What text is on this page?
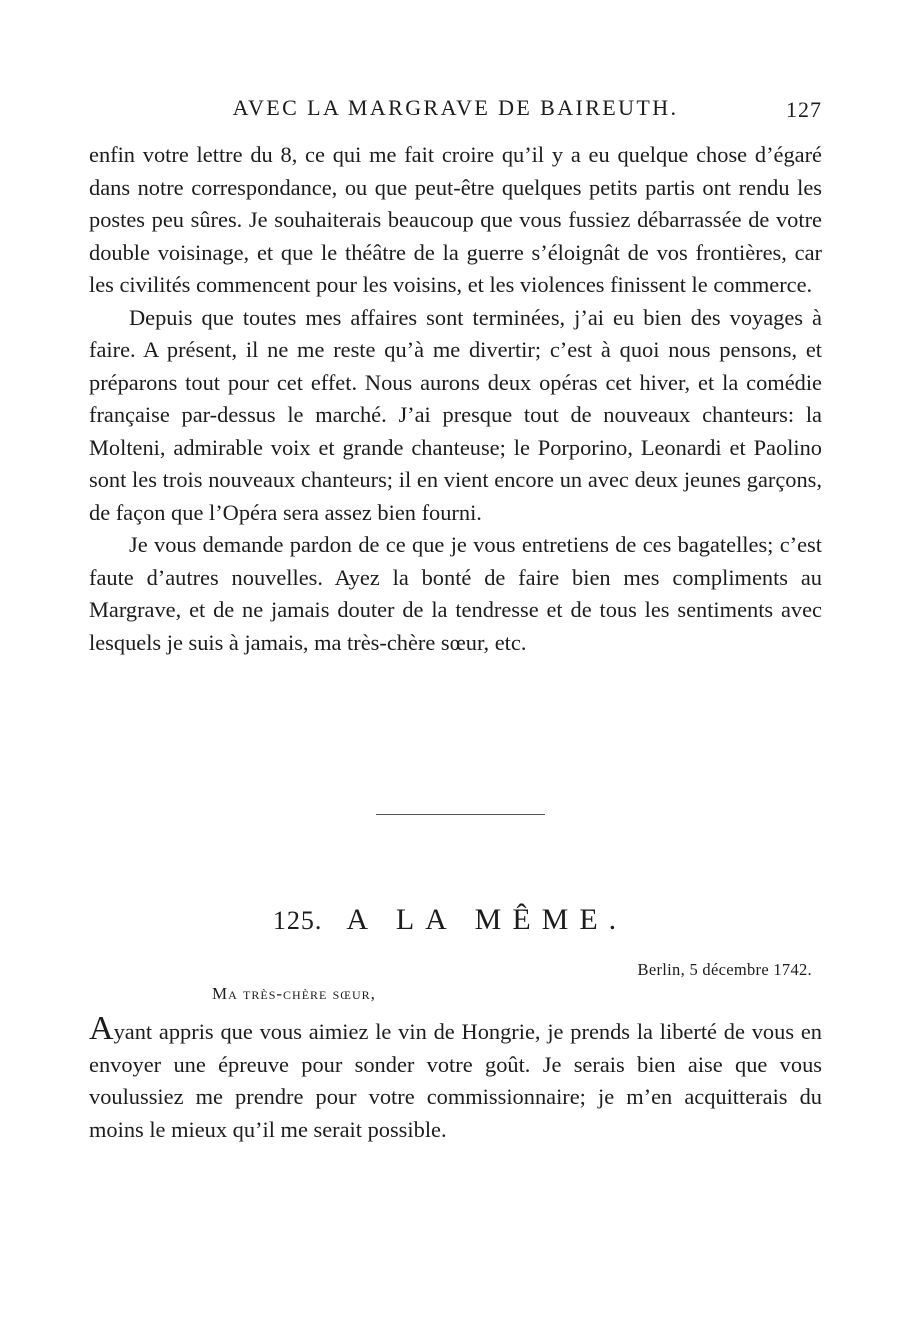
AVEC LA MARGRAVE DE BAIREUTH.	127

enfin votre lettre du 8, ce qui me fait croire qu’il y a eu quelque chose d’égaré dans notre correspondance, ou que peut-être quelques petits partis ont rendu les postes peu sûres. Je souhaiterais beaucoup que vous fussiez débarrassée de votre double voisinage, et que le théâtre de la guerre s’éloignât de vos frontières, car les civilités commencent pour les voisins, et les violences finissent le commerce.

Depuis que toutes mes affaires sont terminées, j’ai eu bien des voyages à faire. A présent, il ne me reste qu’à me divertir; c’est à quoi nous pensons, et préparons tout pour cet effet. Nous aurons deux opéras cet hiver, et la comédie française par-dessus le marché. J’ai presque tout de nouveaux chanteurs: la Molteni, admirable voix et grande chanteuse; le Porporino, Leonardi et Paolino sont les trois nouveaux chanteurs; il en vient encore un avec deux jeunes garçons, de façon que l’Opéra sera assez bien fourni.

Je vous demande pardon de ce que je vous entretiens de ces bagatelles; c’est faute d’autres nouvelles. Ayez la bonté de faire bien mes compliments au Margrave, et de ne jamais douter de la tendresse et de tous les sentiments avec lesquels je suis à jamais, ma très-chère sœur, etc.

125. A LA MÊME.
Berlin, 5 décembre 1742.
Ma très-chère sœur,

Ayant appris que vous aimiez le vin de Hongrie, je prends la liberté de vous en envoyer une épreuve pour sonder votre goût. Je serais bien aise que vous voulussiez me prendre pour votre commissionnaire; je m’en acquitterais du moins le mieux qu’il me serait possible.
